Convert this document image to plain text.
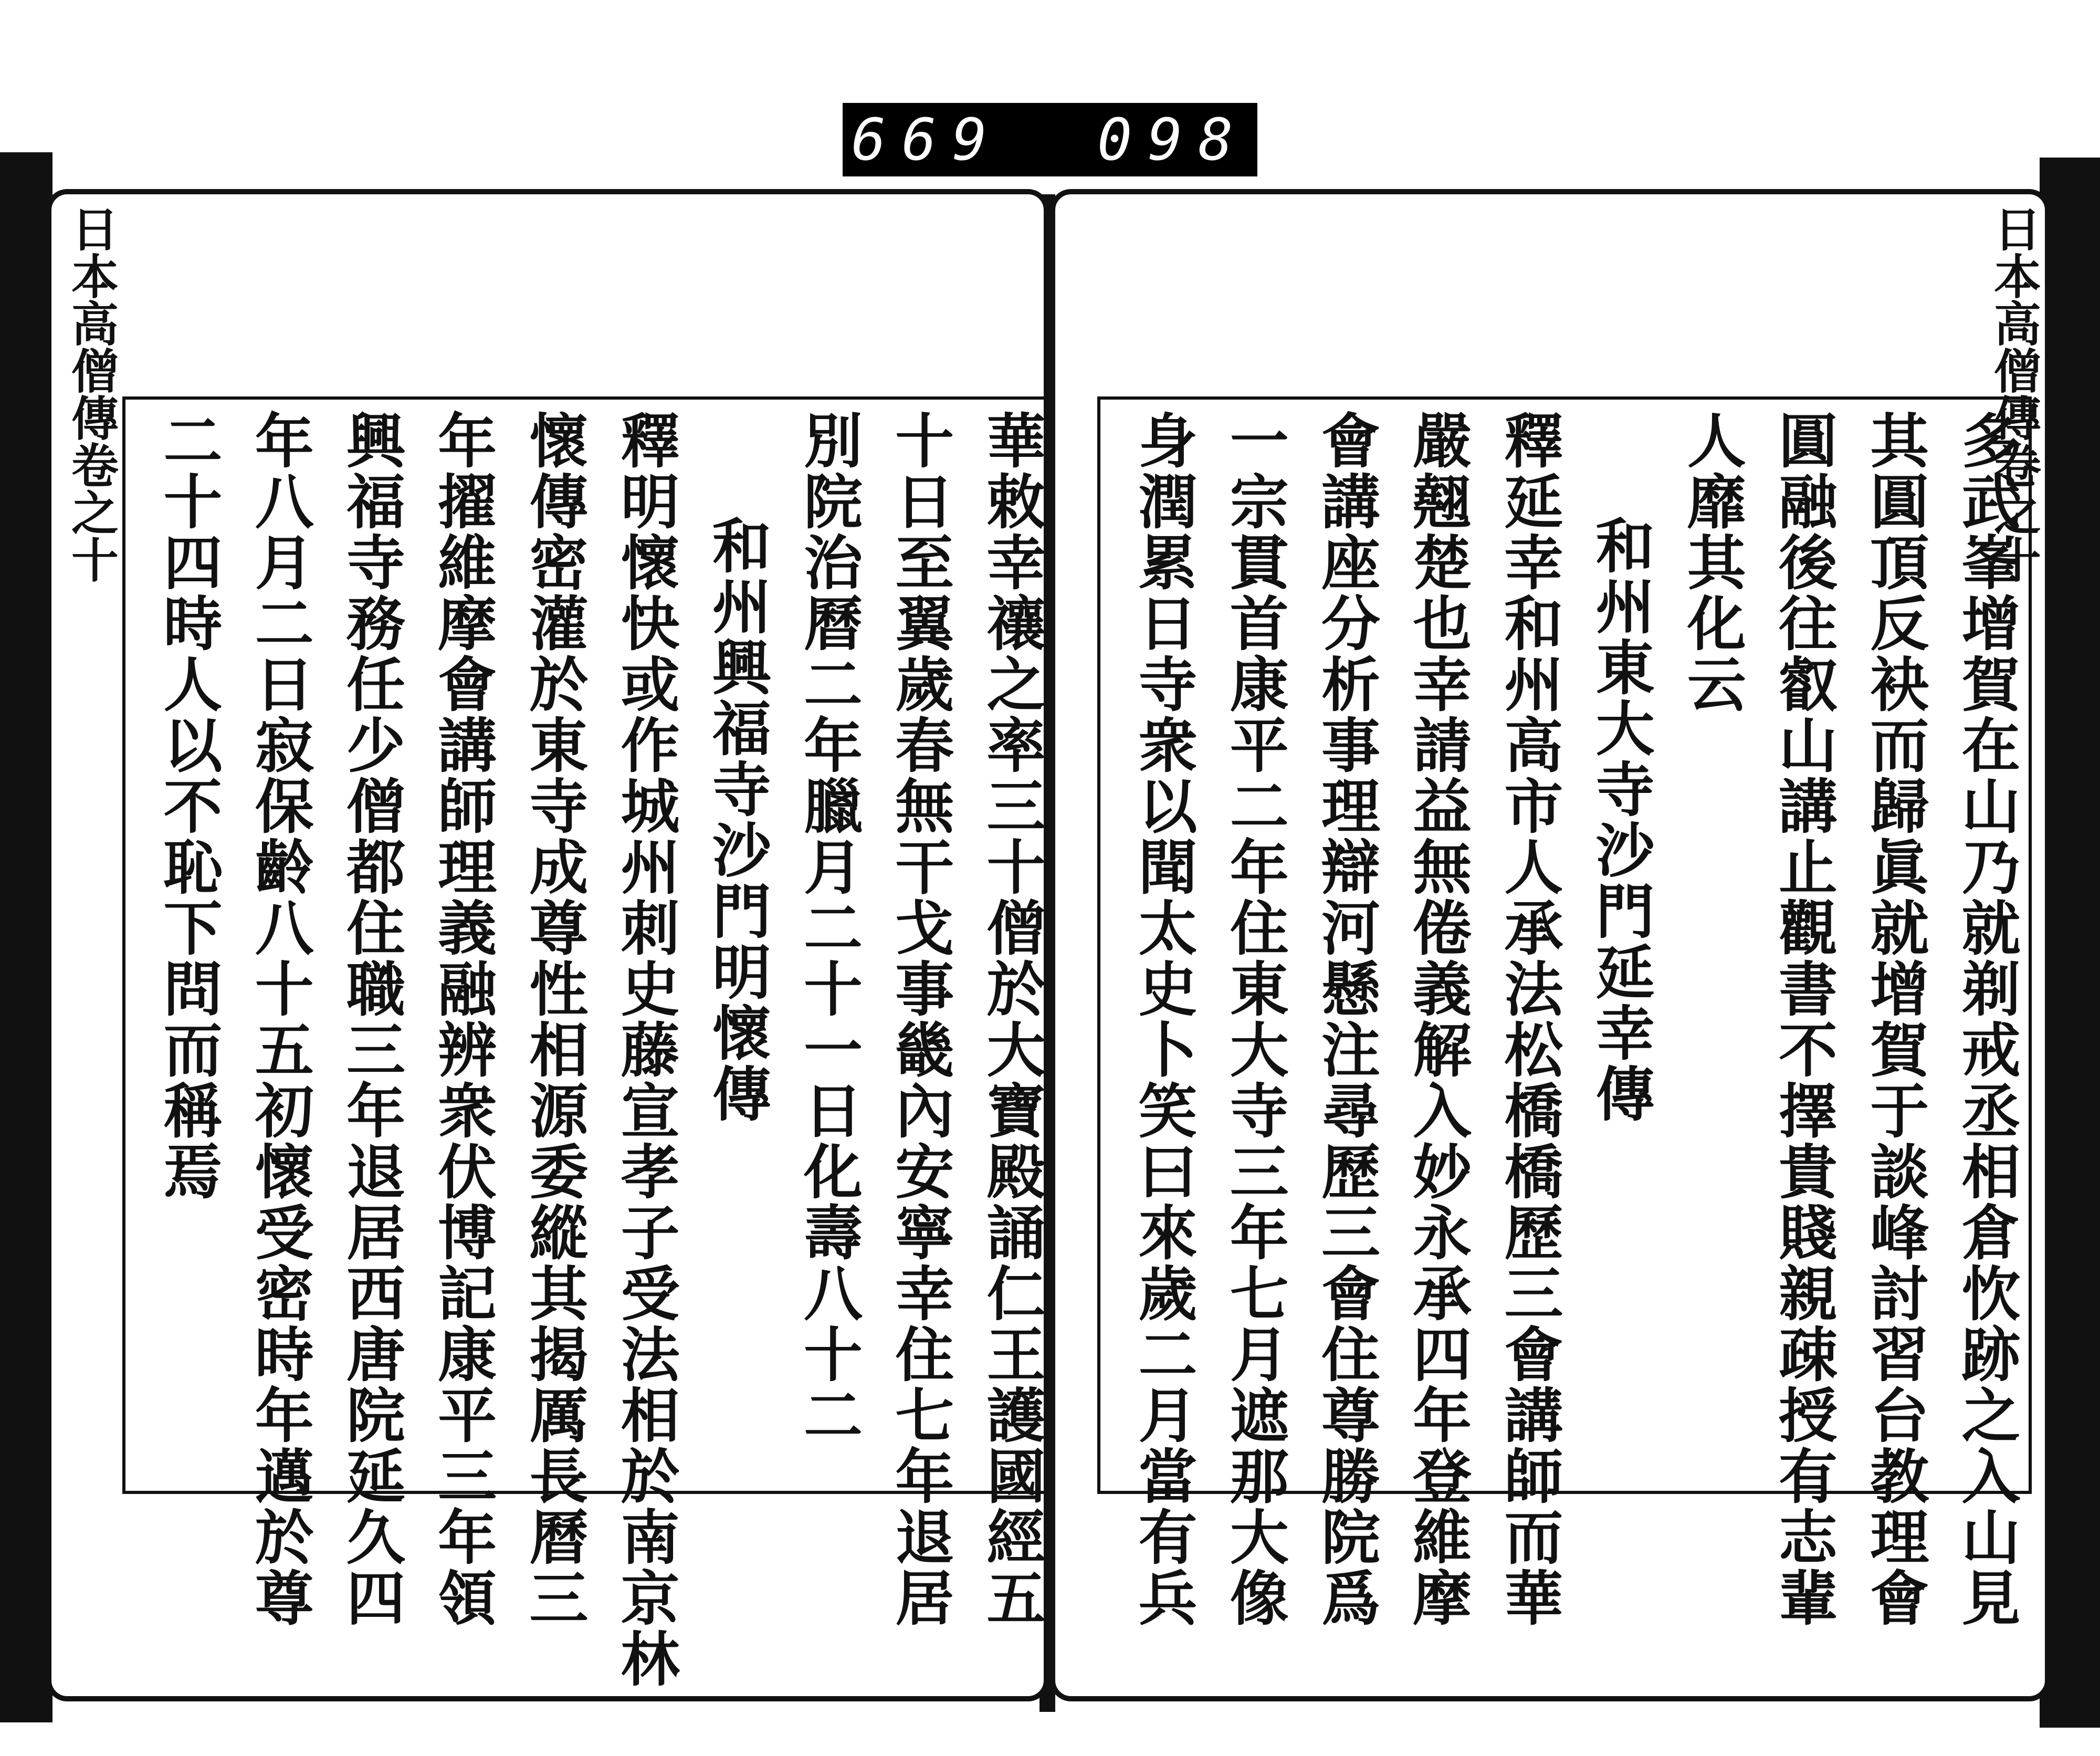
669 098
日本高僧傳卷之十
華敕幸禳之率三十僧於大寶殿誦仁王護國經五
十日至翼歲春無干戈事畿內安寧幸住七年退居
別院治曆二年臘月二十一日化壽八十二
和州興福寺沙門明懷傳
釋明懷快或作城州刺史藤宣孝子受法相於南京林
懷傳密灌於東寺成尊性相源委縱其揭厲長曆三
年擢維摩會講師理義融辨衆伏博記康平三年領
興福寺務任少僧都住職三年退居西唐院延久四
年八月二日寂保齡八十五初懷受密時年邁於尊
二十四時人以不恥下問而稱焉
日本高僧傳卷之十
多武峯增賀在山乃就剃戒丞相倉忺跡之入山見
其圓頂反袂而歸眞就增賀于談峰討習台教理會
圓融後往叡山講止觀書不擇貴賤親疎授有志輩
人靡其化云
和州東大寺沙門延幸傳
釋延幸和州高市人承法松橋橋歷三會講師而華
嚴翹楚也幸請益無倦義解入妙永承四年登維摩
會講座分析事理辯河懸注尋歷三會住尊勝院爲
一宗貫首康平二年住東大寺三年七月遮那大像
身潤累日寺衆以聞太史卜笑曰來歲二月當有兵
